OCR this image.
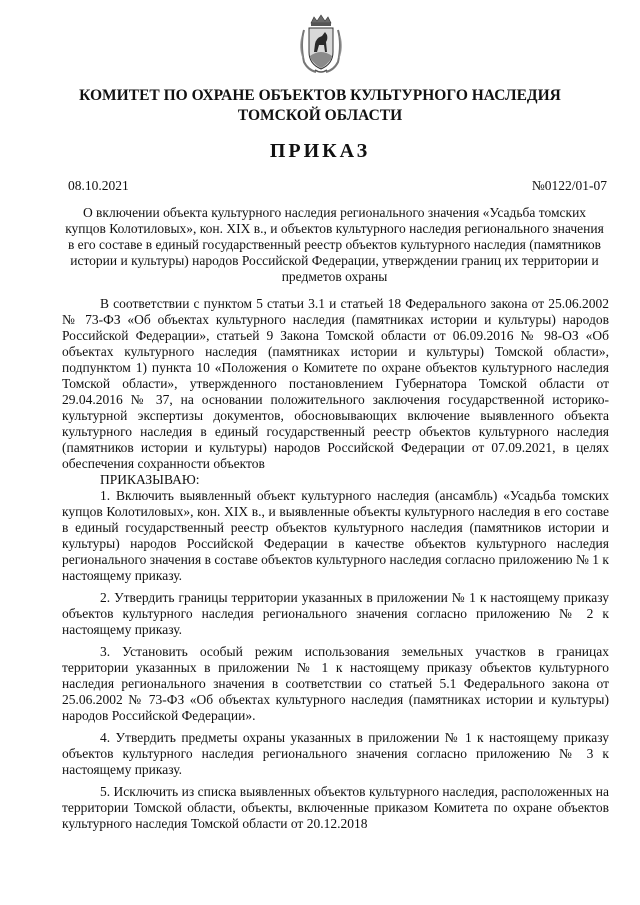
КОМИТЕТ ПО ОХРАНЕ ОБЪЕКТОВ КУЛЬТУРНОГО НАСЛЕДИЯ
ТОМСКОЙ ОБЛАСТИ
ПРИКАЗ
08.10.2021	№0122/01-07
О включении объекта культурного наследия регионального значения «Усадьба томских купцов Колотиловых», кон. XIX в., и объектов культурного наследия регионального значения в его составе в единый государственный реестр объектов культурного наследия (памятников истории и культуры) народов Российской Федерации, утверждении границ их территории и предметов охраны

В соответствии с пунктом 5 статьи 3.1 и статьей 18 Федерального закона от 25.06.2002 № 73-ФЗ «Об объектах культурного наследия (памятниках истории и культуры) народов Российской Федерации», статьей 9 Закона Томской области от 06.09.2016 № 98-ОЗ «Об объектах культурного наследия (памятниках истории и культуры) Томской области», подпунктом 1) пункта 10 «Положения о Комитете по охране объектов культурного наследия Томской области», утвержденного постановлением Губернатора Томской области от 29.04.2016 № 37, на основании положительного заключения государственной историко-культурной экспертизы документов, обосновывающих включение выявленного объекта культурного наследия в единый государственный реестр объектов культурного наследия (памятников истории и культуры) народов Российской Федерации от 07.09.2021, в целях обеспечения сохранности объектов

ПРИКАЗЫВАЮ:

1. Включить выявленный объект культурного наследия (ансамбль) «Усадьба томских купцов Колотиловых», кон. XIX в., и выявленные объекты культурного наследия в его составе в единый государственный реестр объектов культурного наследия (памятников истории и культуры) народов Российской Федерации в качестве объектов культурного наследия регионального значения в составе объектов культурного наследия согласно приложению № 1 к настоящему приказу.

2. Утвердить границы территории указанных в приложении № 1 к настоящему приказу объектов культурного наследия регионального значения согласно приложению № 2 к настоящему приказу.

3. Установить особый режим использования земельных участков в границах территории указанных в приложении № 1 к настоящему приказу объектов культурного наследия регионального значения в соответствии со статьей 5.1 Федерального закона от 25.06.2002 № 73-ФЗ «Об объектах культурного наследия (памятниках истории и культуры) народов Российской Федерации».

4. Утвердить предметы охраны указанных в приложении № 1 к настоящему приказу объектов культурного наследия регионального значения согласно приложению № 3 к настоящему приказу.

5. Исключить из списка выявленных объектов культурного наследия, расположенных на территории Томской области, объекты, включенные приказом Комитета по охране объектов культурного наследия Томской области от 20.12.2018
